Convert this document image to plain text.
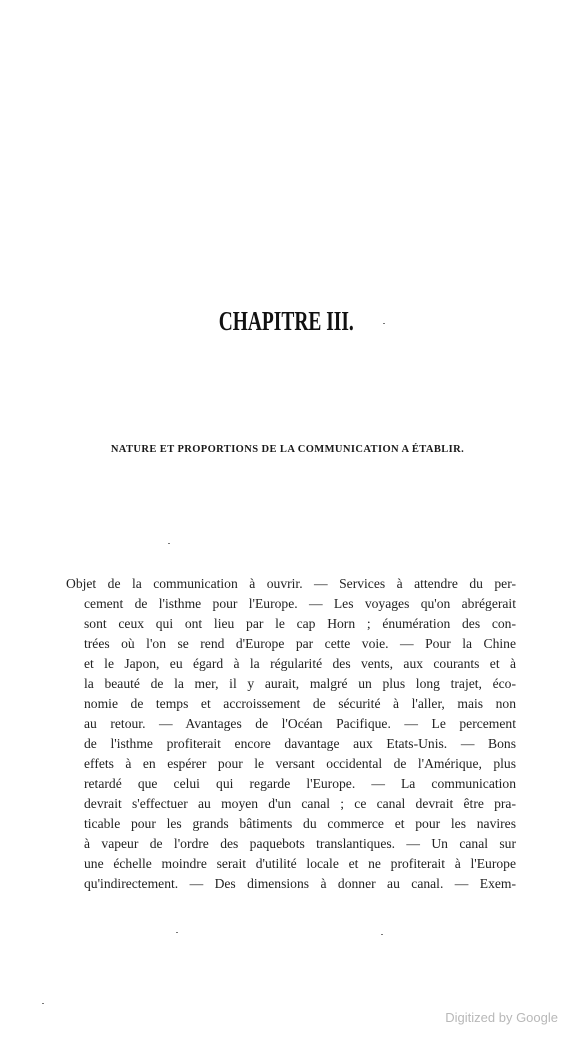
CHAPITRE III.
NATURE ET PROPORTIONS DE LA COMMUNICATION A ÉTABLIR.
Objet de la communication à ouvrir. — Services à attendre du per-
cement de l'isthme pour l'Europe. — Les voyages qu'on abrégerait
sont ceux qui ont lieu par le cap Horn ; énumération des con-
trées où l'on se rend d'Europe par cette voie. — Pour la Chine
et le Japon, eu égard à la régularité des vents, aux courants et à
la beauté de la mer, il y aurait, malgré un plus long trajet, éco-
nomie de temps et accroissement de sécurité à l'aller, mais non
au retour. — Avantages de l'Océan Pacifique. — Le percement
de l'isthme profiterait encore davantage aux Etats-Unis. — Bons
effets à en espérer pour le versant occidental de l'Amérique, plus
retardé que celui qui regarde l'Europe. — La communication
devrait s'effectuer au moyen d'un canal ; ce canal devrait être pra-
ticable pour les grands bâtiments du commerce et pour les navires
à vapeur de l'ordre des paquebots translantiques. — Un canal sur
une échelle moindre serait d'utilité locale et ne profiterait à l'Europe
qu'indirectement. — Des dimensions à donner au canal. — Exem-
Digitized by Google
